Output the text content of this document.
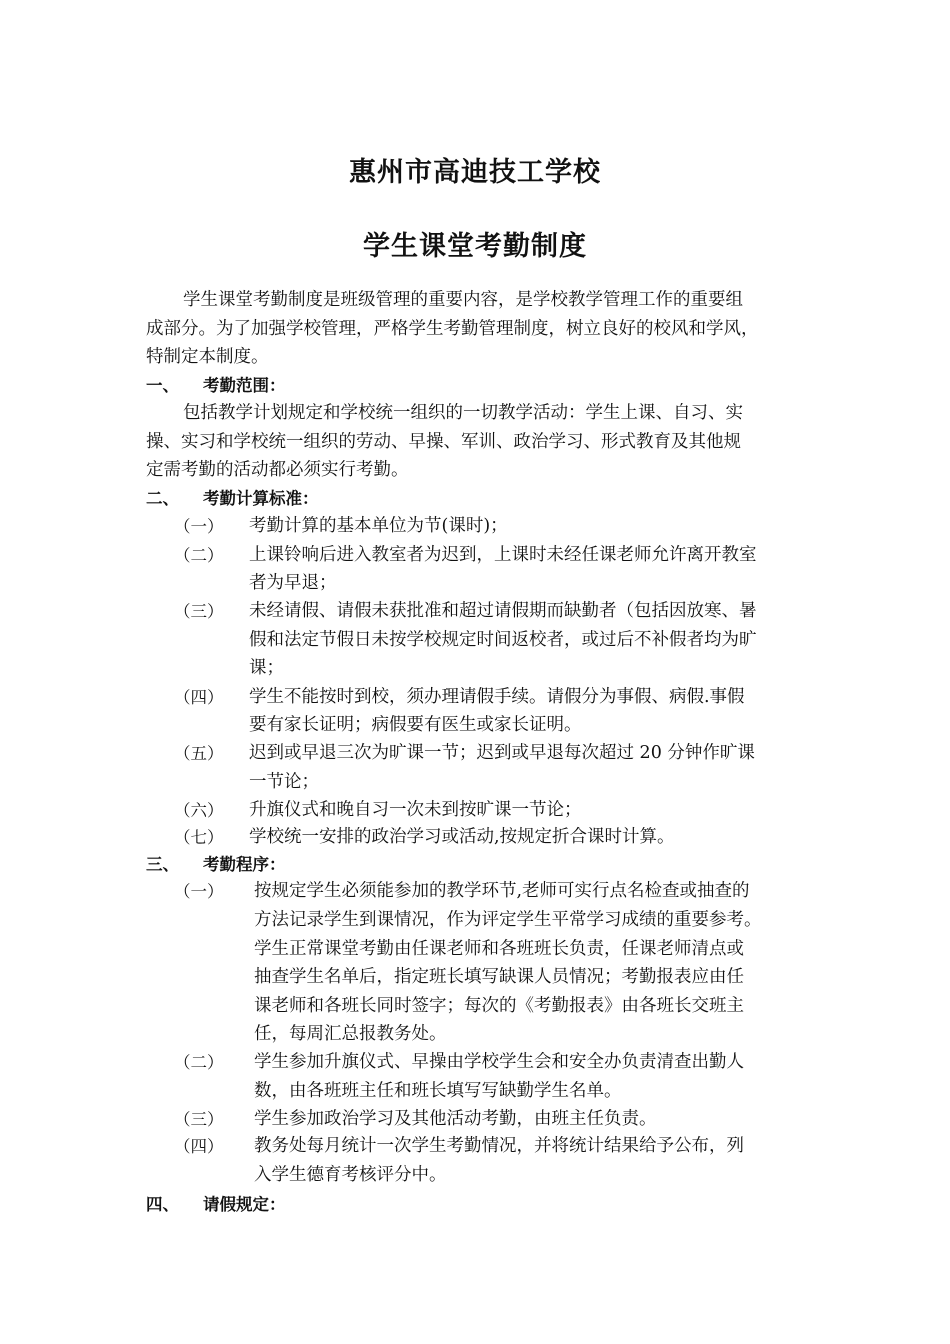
惠州市高迪技工学校
学生课堂考勤制度
学生课堂考勤制度是班级管理的重要内容，是学校教学管理工作的重要组
成部分。为了加强学校管理，严格学生考勤管理制度，树立良好的校风和学风，
特制定本制度。
一、 考勤范围：
包括教学计划规定和学校统一组织的一切教学活动：学生上课、自习、实
操、实习和学校统一组织的劳动、早操、军训、政治学习、形式教育及其他规
定需考勤的活动都必须实行考勤。
二、 考勤计算标准：
（一） 考勤计算的基本单位为节(课时)；
（二） 上课铃响后进入教室者为迟到，上课时未经任课老师允许离开教室
者为早退；
（三） 未经请假、请假未获批准和超过请假期而缺勤者（包括因放寒、暑
假和法定节假日未按学校规定时间返校者，或过后不补假者均为旷
课；
（四） 学生不能按时到校，须办理请假手续。请假分为事假、病假.事假
要有家长证明；病假要有医生或家长证明。
（五） 迟到或早退三次为旷课一节；迟到或早退每次超过 20 分钟作旷课
一节论；
（六） 升旗仪式和晚自习一次未到按旷课一节论；
（七） 学校统一安排的政治学习或活动,按规定折合课时计算。
三、 考勤程序：
（一） 按规定学生必须能参加的教学环节,老师可实行点名检查或抽查的
方法记录学生到课情况，作为评定学生平常学习成绩的重要参考。
学生正常课堂考勤由任课老师和各班班长负责，任课老师清点或
抽查学生名单后，指定班长填写缺课人员情况；考勤报表应由任
课老师和各班长同时签字；每次的《考勤报表》由各班长交班主
任，每周汇总报教务处。
（二） 学生参加升旗仪式、早操由学校学生会和安全办负责清查出勤人
数，由各班班主任和班长填写写缺勤学生名单。
（三） 学生参加政治学习及其他活动考勤，由班主任负责。
（四） 教务处每月统计一次学生考勤情况，并将统计结果给予公布，列
入学生德育考核评分中。
四、 请假规定：
